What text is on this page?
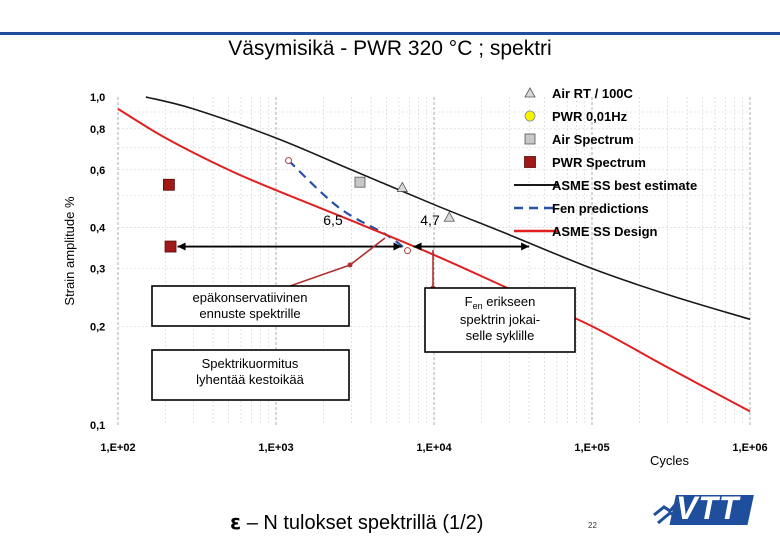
Väsymisikä - PWR 320 °C ; spektri
1,E+02	1,E+03	1,E+04	1,E+05	1,E+06
1,0
0,8
0,6
0,4
0,3
0,2
0,1
Cycles
Strain amplitude %	6,5	4,7
epäkonservatiivinen
ennuste spektrille
$F_{en}$ erikseen
spektrin jokai-
selle syklille
Spektrikuormitus
lyhentää kestoikää
Air RT / 100C
PWR 0,01Hz
Air Spectrum
PWR Spectrum
ASME SS best estimate
Fen predictions
ASME SS Design
ε – N tulokset spektrillä (1/2)	22 VTT
